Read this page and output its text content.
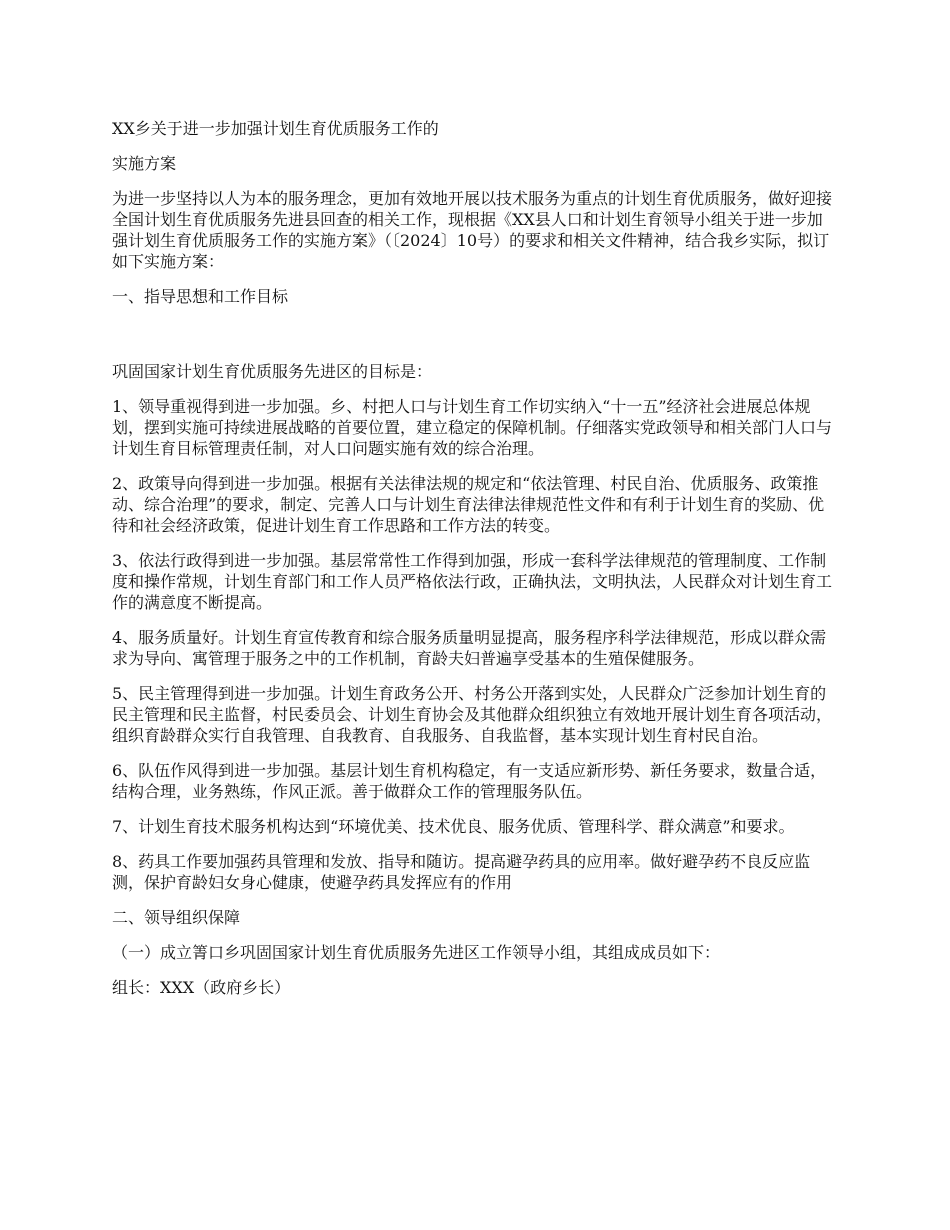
XX乡关于进一步加强计划生育优质服务工作的

实施方案

为进一步坚持以人为本的服务理念，更加有效地开展以技术服务为重点的计划生育优质服务，做好迎接全国计划生育优质服务先进县回查的相关工作，现根据《XX县人口和计划生育领导小组关于进一步加强计划生育优质服务工作的实施方案》（〔2024〕10号）的要求和相关文件精神，结合我乡实际，拟订如下实施方案：

一、指导思想和工作目标

巩固国家计划生育优质服务先进区的目标是：

1、领导重视得到进一步加强。乡、村把人口与计划生育工作切实纳入“十一五”经济社会进展总体规划，摆到实施可持续进展战略的首要位置，建立稳定的保障机制。仔细落实党政领导和相关部门人口与计划生育目标管理责任制，对人口问题实施有效的综合治理。

2、政策导向得到进一步加强。根据有关法律法规的规定和“依法管理、村民自治、优质服务、政策推动、综合治理”的要求，制定、完善人口与计划生育法律法律规范性文件和有利于计划生育的奖励、优待和社会经济政策，促进计划生育工作思路和工作方法的转变。

3、依法行政得到进一步加强。基层常常性工作得到加强，形成一套科学法律规范的管理制度、工作制度和操作常规，计划生育部门和工作人员严格依法行政，正确执法，文明执法，人民群众对计划生育工作的满意度不断提高。

4、服务质量好。计划生育宣传教育和综合服务质量明显提高，服务程序科学法律规范，形成以群众需求为导向、寓管理于服务之中的工作机制，育龄夫妇普遍享受基本的生殖保健服务。

5、民主管理得到进一步加强。计划生育政务公开、村务公开落到实处，人民群众广泛参加计划生育的民主管理和民主监督，村民委员会、计划生育协会及其他群众组织独立有效地开展计划生育各项活动，组织育龄群众实行自我管理、自我教育、自我服务、自我监督，基本实现计划生育村民自治。

6、队伍作风得到进一步加强。基层计划生育机构稳定，有一支适应新形势、新任务要求，数量合适，结构合理，业务熟练，作风正派。善于做群众工作的管理服务队伍。

7、计划生育技术服务机构达到“环境优美、技术优良、服务优质、管理科学、群众满意”和要求。

8、药具工作要加强药具管理和发放、指导和随访。提高避孕药具的应用率。做好避孕药不良反应监测，保护育龄妇女身心健康，使避孕药具发挥应有的作用

二、领导组织保障

（一）成立箐口乡巩固国家计划生育优质服务先进区工作领导小组，其组成成员如下：

组长：XXX（政府乡长）
